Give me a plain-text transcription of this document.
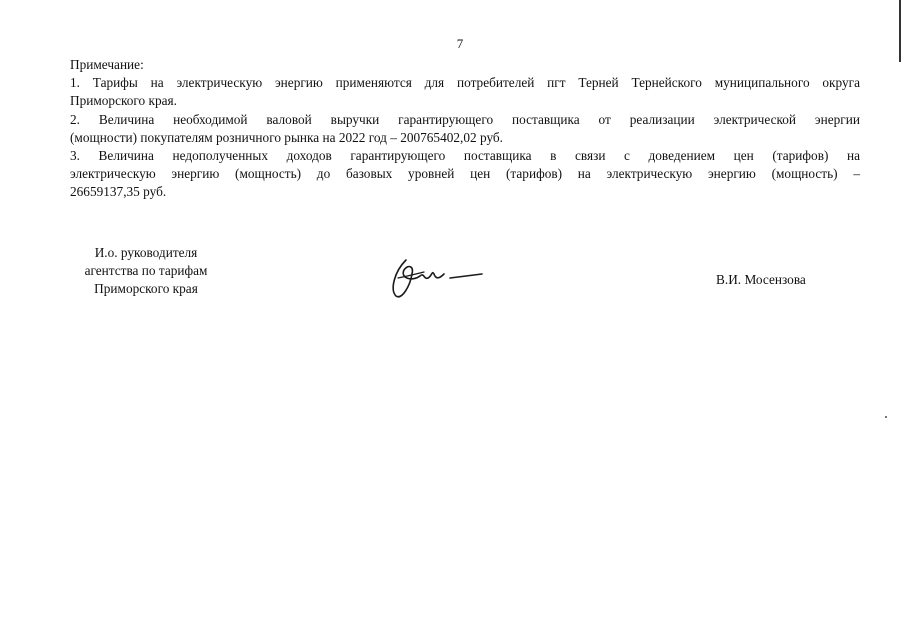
7

Примечание:

1. Тарифы на электрическую энергию применяются для потребителей пгт Терней Тернейского муниципального округа

Приморского края.

2. Величина необходимой валовой выручки гарантирующего поставщика от реализации электрической энергии

(мощности) покупателям розничного рынка на 2022 год – 200765402,02 руб.

3. Величина недополученных доходов гарантирующего поставщика в связи с доведением цен (тарифов) на

электрическую энергию (мощность) до базовых уровней цен (тарифов) на электрическую энергию (мощность) –

26659137,35 руб.

И.о. руководителя
агентства по тарифам
Приморского края
В.И. Мосензова
